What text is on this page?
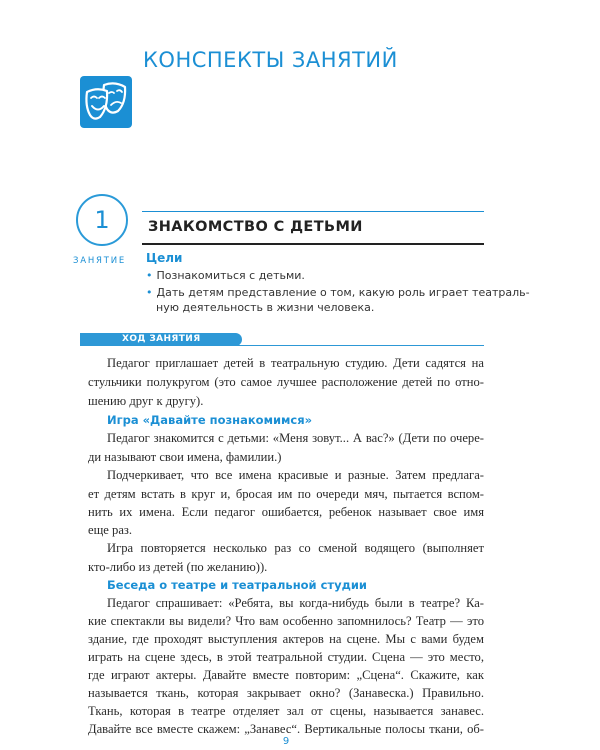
КОНСПЕКТЫ ЗАНЯТИЙ
1
ЗАНЯТИЕ
ЗНАКОМСТВО С ДЕТЬМИ
Цели
• Познакомиться с детьми.
• Дать детям представление о том, какую роль играет театраль-
ную деятельность в жизни человека.
ХОД ЗАНЯТИЯ
Педагог приглашает детей в театральную студию. Дети садятся на
стульчики полукругом (это самое лучшее расположение детей по отно-
шению друг к другу).
Игра «Давайте познакомимся»
Педагог знакомится с детьми: «Меня зовут... А вас?» (Дети по очере-
ди называют свои имена, фамилии.)
Подчеркивает, что все имена красивые и разные. Затем предлага-
ет детям встать в круг и, бросая им по очереди мяч, пытается вспом-
нить их имена. Если педагог ошибается, ребенок называет свое имя
еще раз.
Игра повторяется несколько раз со сменой водящего (выполняет
кто-либо из детей (по желанию)).
Беседа о театре и театральной студии
Педагог спрашивает: «Ребята, вы когда-нибудь были в театре? Ка-
кие спектакли вы видели? Что вам особенно запомнилось? Театр — это
здание, где проходят выступления актеров на сцене. Мы с вами будем
играть на сцене здесь, в этой театральной студии. Сцена — это место,
где играют актеры. Давайте вместе повторим: „Сцена“. Скажите, как
называется ткань, которая закрывает окно? (Занавеска.) Правильно.
Ткань, которая в театре отделяет зал от сцены, называется занавес.
Давайте все вместе скажем: „Занавес“. Вертикальные полосы ткани, об-
9
